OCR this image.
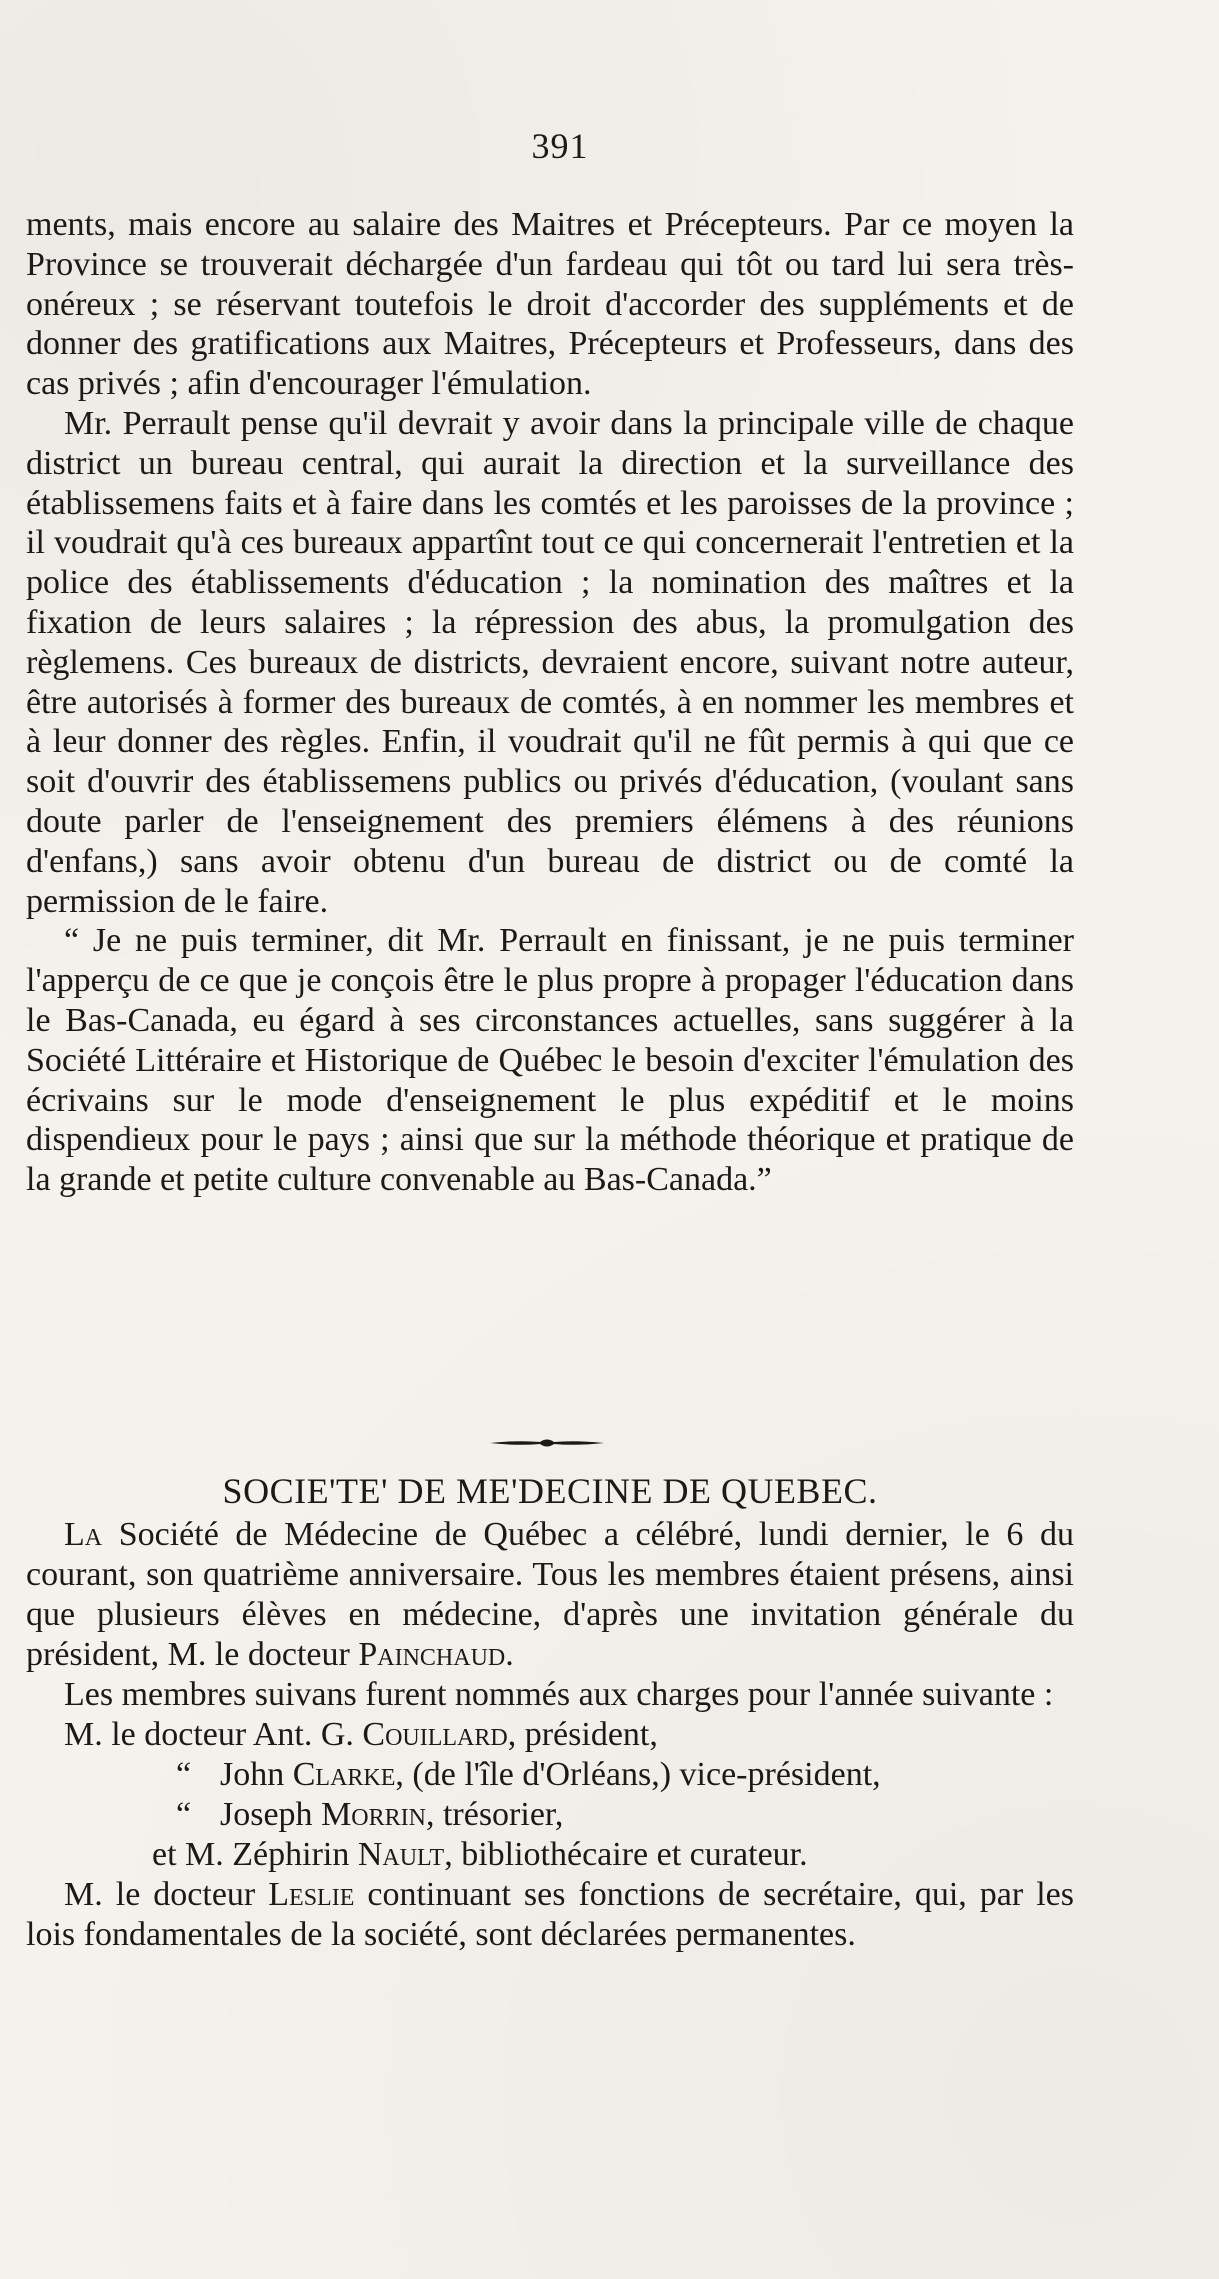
391

ments, mais encore au salaire des Maitres et Précepteurs. Par ce moyen la Province se trouverait déchargée d'un fardeau qui tôt ou tard lui sera très-onéreux ; se réservant toutefois le droit d'accorder des suppléments et de donner des gratifications aux Maitres, Précepteurs et Professeurs, dans des cas privés ; afin d'encourager l'émulation.

Mr. Perrault pense qu'il devrait y avoir dans la principale ville de chaque district un bureau central, qui aurait la direction et la surveillance des établissemens faits et à faire dans les comtés et les paroisses de la province ; il voudrait qu'à ces bureaux appartînt tout ce qui concernerait l'entretien et la police des établissements d'éducation ; la nomination des maîtres et la fixation de leurs salaires ; la répression des abus, la promulgation des règlemens. Ces bureaux de districts, devraient encore, suivant notre auteur, être autorisés à former des bureaux de comtés, à en nommer les membres et à leur donner des règles. Enfin, il voudrait qu'il ne fût permis à qui que ce soit d'ouvrir des établissemens publics ou privés d'éducation, (voulant sans doute parler de l'enseignement des premiers élémens à des réunions d'enfans,) sans avoir obtenu d'un bureau de district ou de comté la permission de le faire.

“ Je ne puis terminer, dit Mr. Perrault en finissant, je ne puis terminer l'apperçu de ce que je conçois être le plus propre à propager l'éducation dans le Bas-Canada, eu égard à ses circonstances actuelles, sans suggérer à la Société Littéraire et Historique de Québec le besoin d'exciter l'émulation des écrivains sur le mode d'enseignement le plus expéditif et le moins dispendieux pour le pays ; ainsi que sur la méthode théorique et pratique de la grande et petite culture convenable au Bas-Canada.”

SOCIE'TE' DE ME'DECINE DE QUEBEC.

La Société de Médecine de Québec a célébré, lundi dernier, le 6 du courant, son quatrième anniversaire. Tous les membres étaient présens, ainsi que plusieurs élèves en médecine, d'après une invitation générale du président, M. le docteur Painchaud.

Les membres suivans furent nommés aux charges pour l'année suivante :

M. le docteur Ant. G. Couillard, président,

“ John Clarke, (de l'île d'Orléans,) vice-président,

“ Joseph Morrin, trésorier,

et M. Zéphirin Nault, bibliothécaire et curateur.

M. le docteur Leslie continuant ses fonctions de secrétaire, qui, par les lois fondamentales de la société, sont déclarées permanentes.
